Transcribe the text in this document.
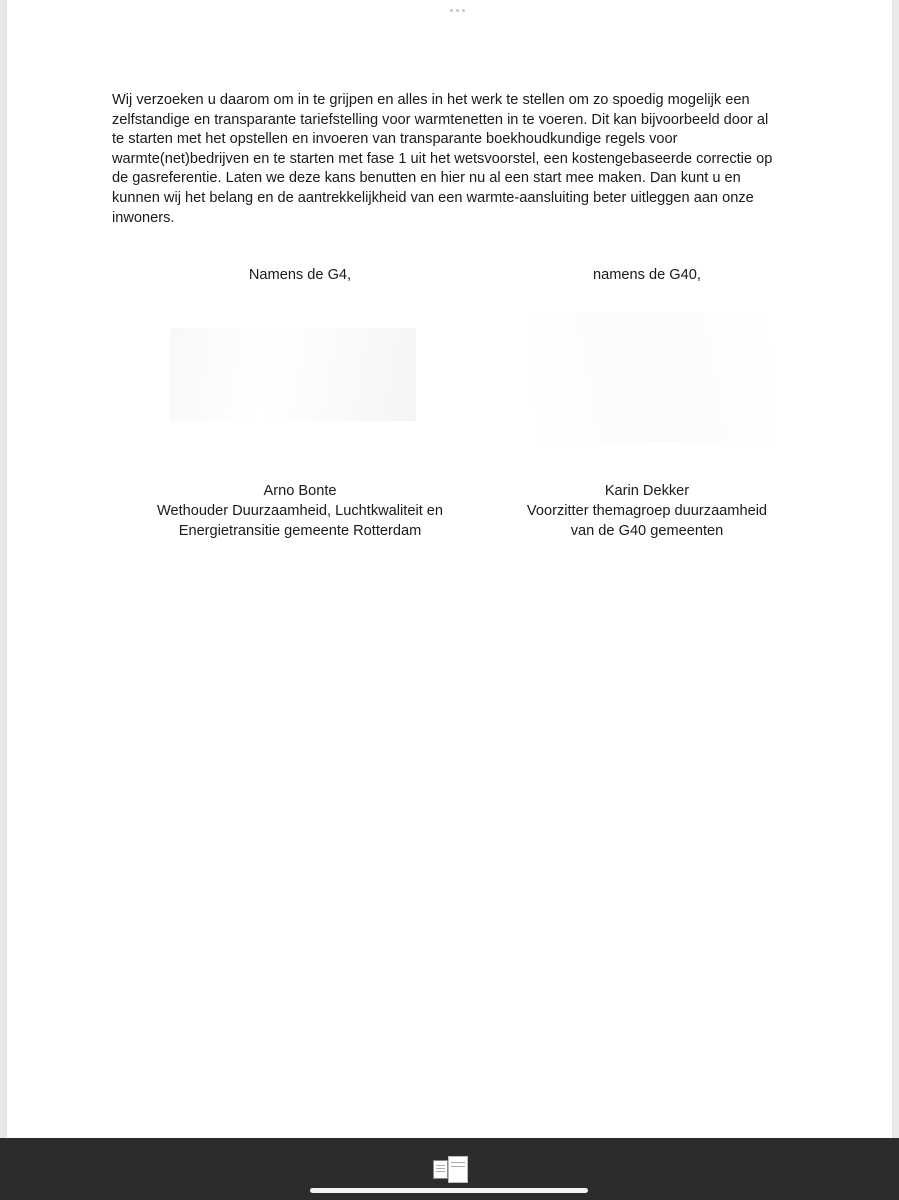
Wij verzoeken u daarom om in te grijpen en alles in het werk te stellen om zo spoedig mogelijk een
zelfstandige en transparante tariefstelling voor warmtenetten in te voeren. Dit kan bijvoorbeeld door al
te starten met het opstellen en invoeren van transparante boekhoudkundige regels voor
warmte(net)bedrijven en te starten met fase 1 uit het wetsvoorstel, een kostengebaseerde correctie op
de gasreferentie. Laten we deze kans benutten en hier nu al een start mee maken. Dan kunt u en
kunnen wij het belang en de aantrekkelijkheid van een warmte-aansluiting beter uitleggen aan onze
inwoners.

Namens de G4,	namens de G40,
Arno Bonte
Wethouder Duurzaamheid, Luchtkwaliteit en
Energietransitie gemeente Rotterdam
Karin Dekker
Voorzitter themagroep duurzaamheid
van de G40 gemeenten
